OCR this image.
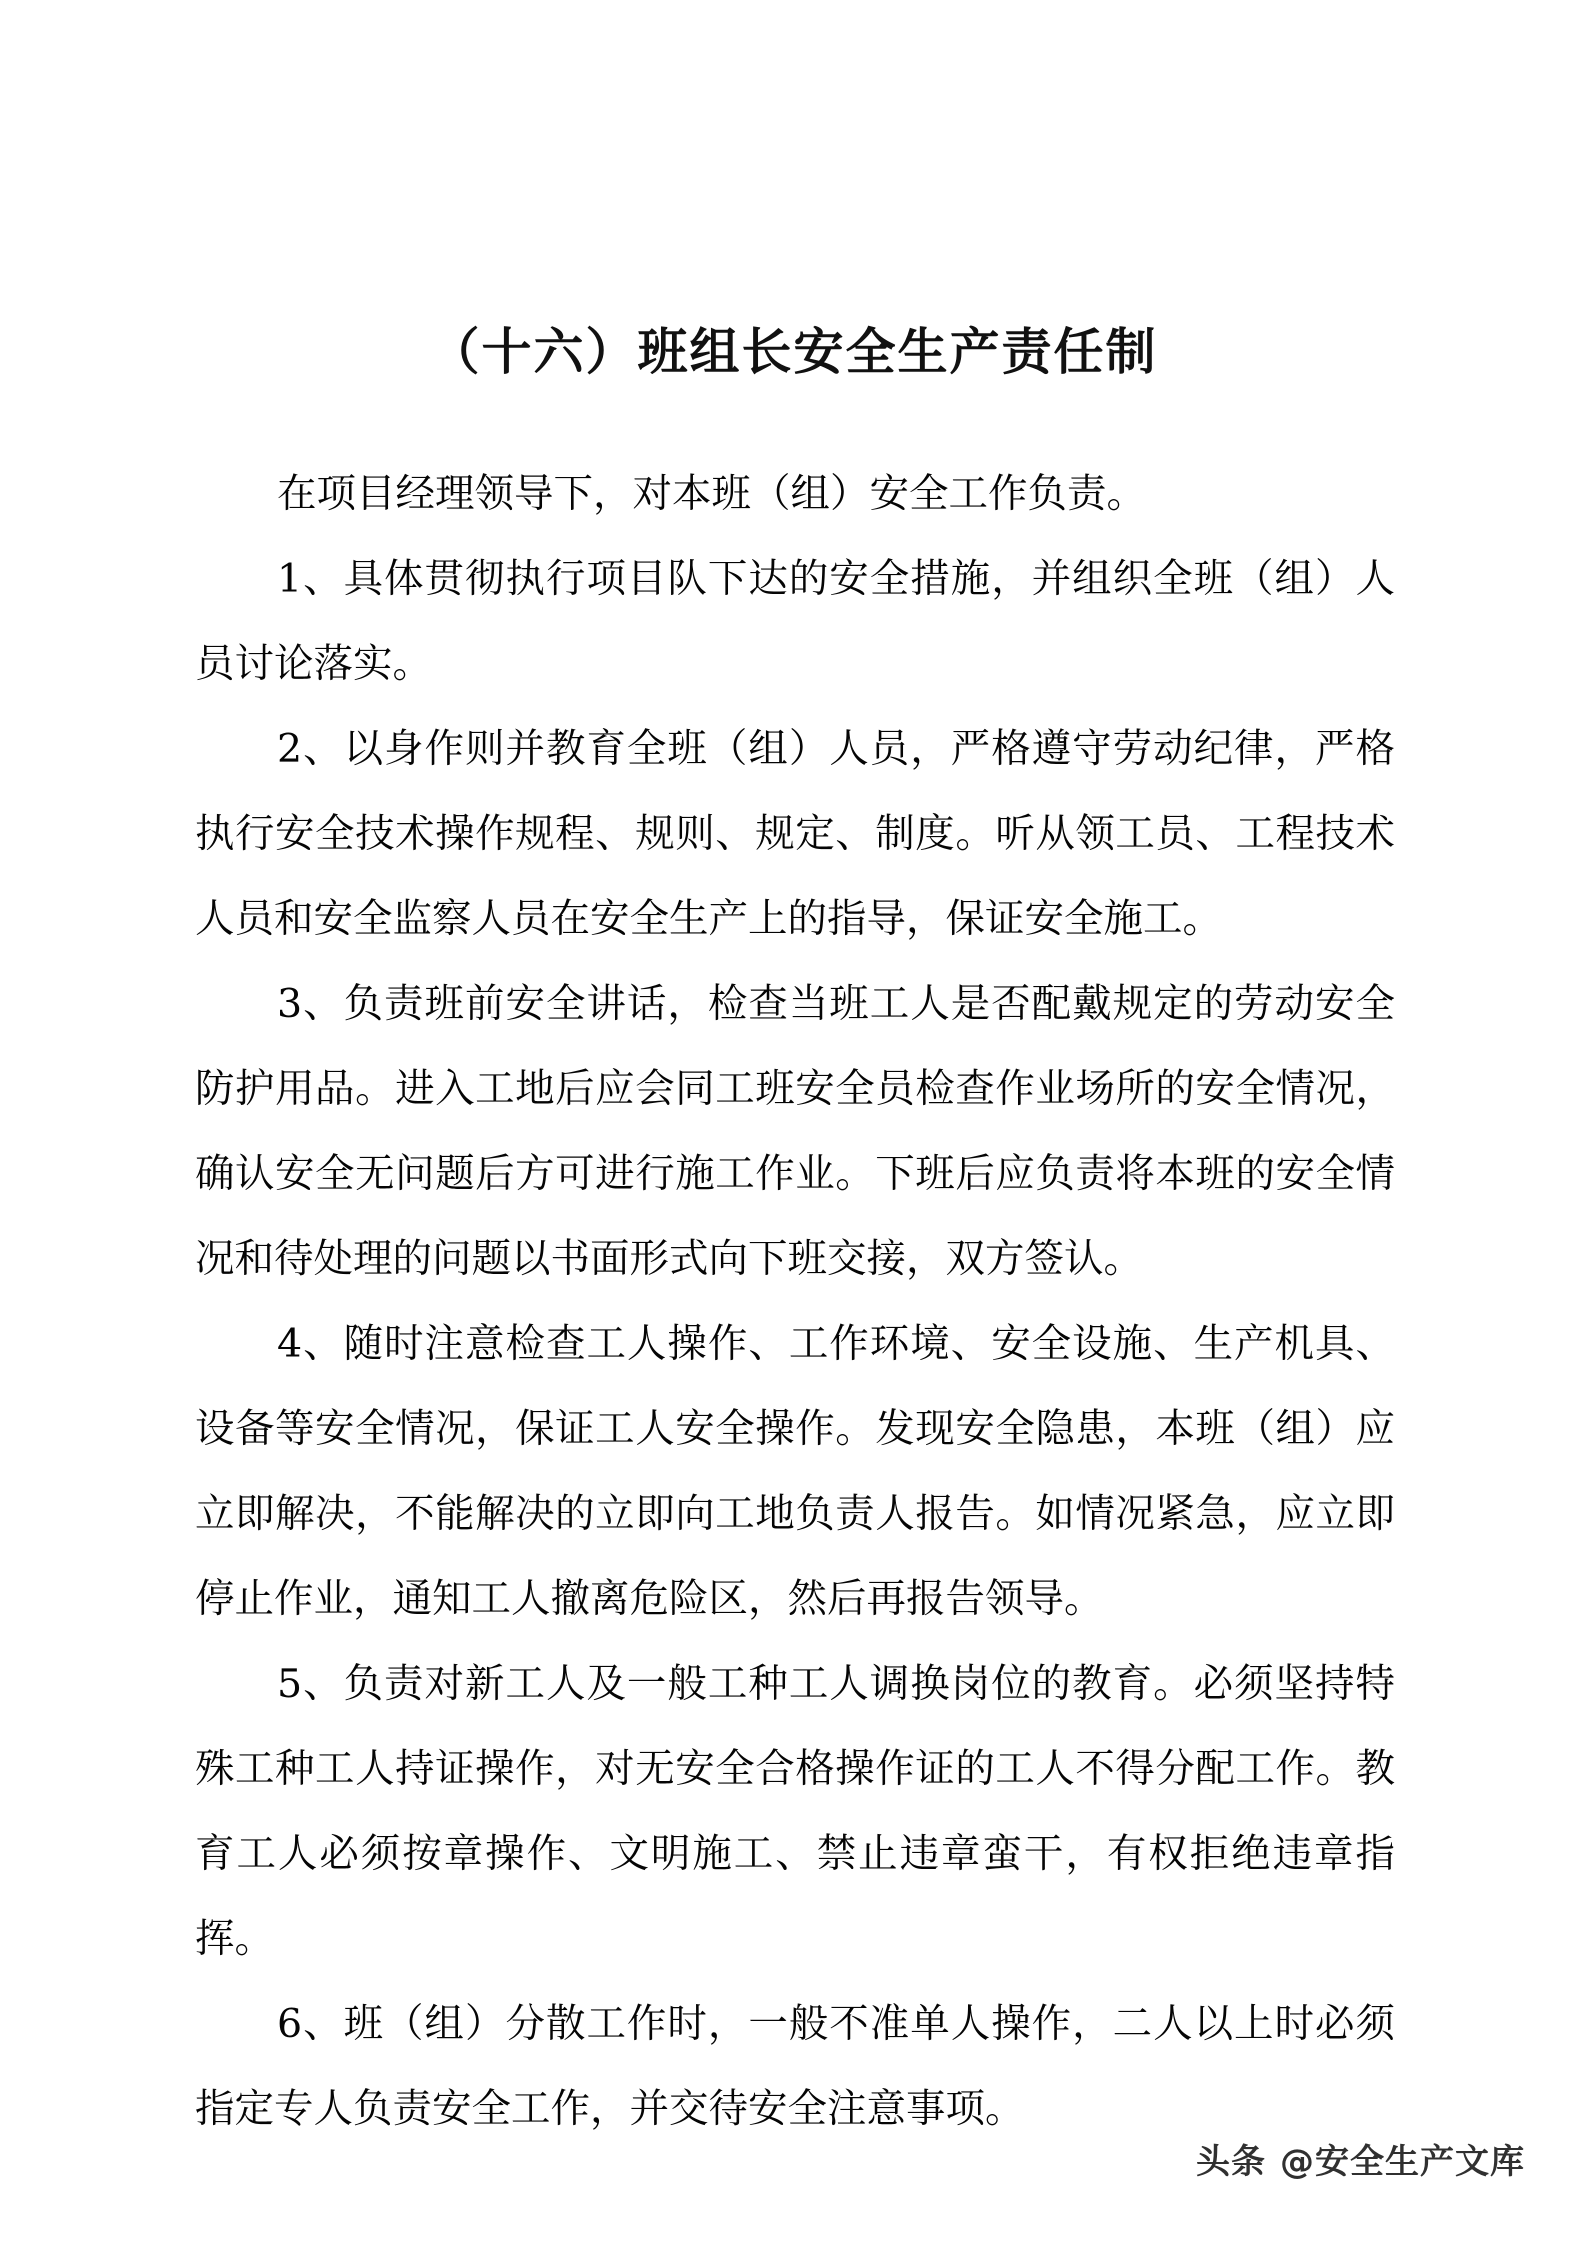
（十六）班组长安全生产责任制

在项目经理领导下，对本班（组）安全工作负责。

1、具体贯彻执行项目队下达的安全措施，并组织全班（组）人员讨论落实。

2、以身作则并教育全班（组）人员，严格遵守劳动纪律，严格执行安全技术操作规程、规则、规定、制度。听从领工员、工程技术人员和安全监察人员在安全生产上的指导，保证安全施工。

3、负责班前安全讲话，检查当班工人是否配戴规定的劳动安全防护用品。进入工地后应会同工班安全员检查作业场所的安全情况，确认安全无问题后方可进行施工作业。下班后应负责将本班的安全情况和待处理的问题以书面形式向下班交接，双方签认。

4、随时注意检查工人操作、工作环境、安全设施、生产机具、设备等安全情况，保证工人安全操作。发现安全隐患，本班（组）应立即解决，不能解决的立即向工地负责人报告。如情况紧急，应立即停止作业，通知工人撤离危险区，然后再报告领导。

5、负责对新工人及一般工种工人调换岗位的教育。必须坚持特殊工种工人持证操作，对无安全合格操作证的工人不得分配工作。教育工人必须按章操作、文明施工、禁止违章蛮干，有权拒绝违章指挥。

6、班（组）分散工作时，一般不准单人操作，二人以上时必须指定专人负责安全工作，并交待安全注意事项。

头条 @安全生产文库
